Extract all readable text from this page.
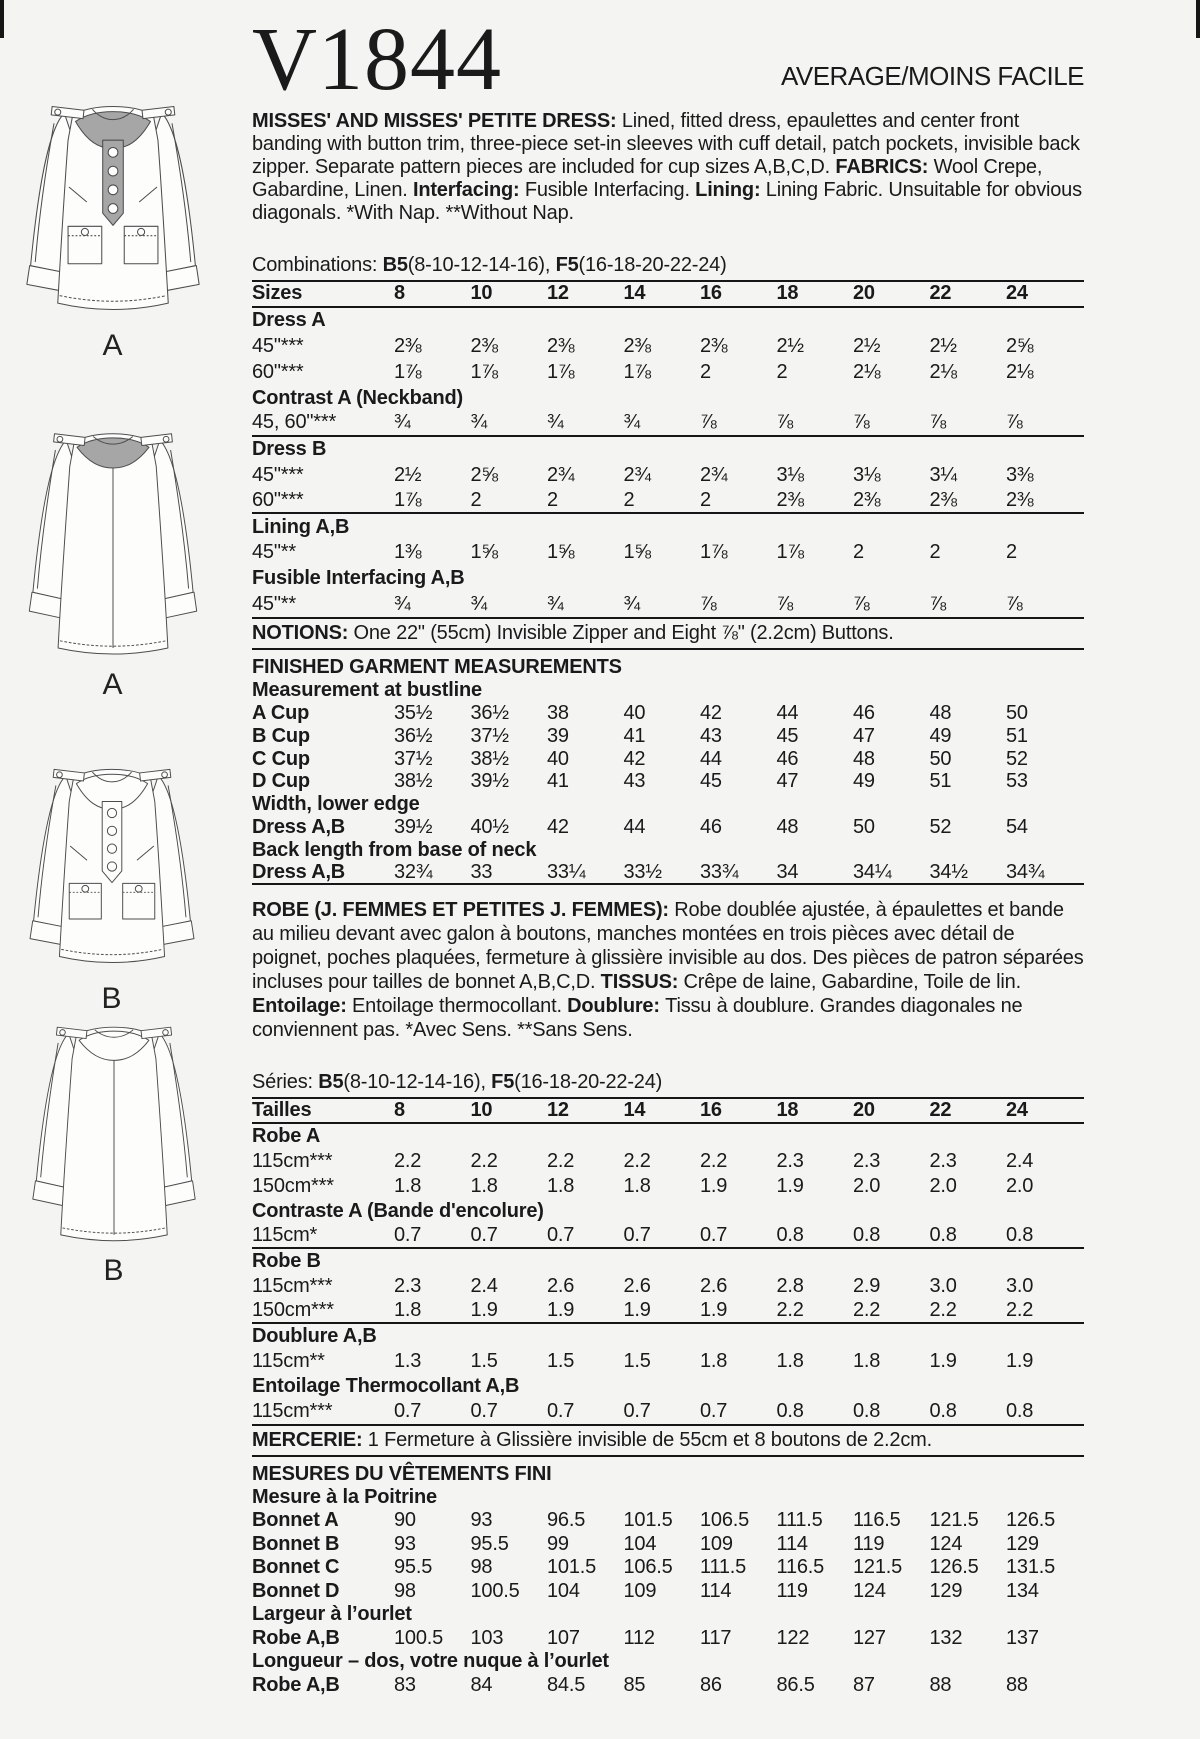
A
A
B
B
V1844	AVERAGE/MOINS FACILE

MISSES' AND MISSES' PETITE DRESS: Lined, fitted dress, epaulettes and center front banding with button trim, three-piece set-in sleeves with cuff detail, patch pockets, invisible back zipper. Separate pattern pieces are included for cup sizes A,B,C,D. FABRICS: Wool Crepe, Gabardine, Linen. Interfacing: Fusible Interfacing. Lining: Lining Fabric. Unsuitable for obvious diagonals. *With Nap. **Without Nap.

Combinations: B5(8-10-12-14-16), F5(16-18-20-22-24)
Sizes	8	10	12	14	16	18	20	22	24
Dress A
45"***	2⅜	2⅜	2⅜	2⅜	2⅜	2½	2½	2½	2⅝
60"***	1⅞	1⅞	1⅞	1⅞	2	2	2⅛	2⅛	2⅛
Contrast A (Neckband)
45, 60"***	¾	¾	¾	¾	⅞	⅞	⅞	⅞	⅞
Dress B
45"***	2½	2⅝	2¾	2¾	2¾	3⅛	3⅛	3¼	3⅜
60"***	1⅞	2	2	2	2	2⅜	2⅜	2⅜	2⅜
Lining A,B
45"**	1⅜	1⅝	1⅝	1⅝	1⅞	1⅞	2	2	2
Fusible Interfacing A,B
45"**	¾	¾	¾	¾	⅞	⅞	⅞	⅞	⅞
NOTIONS: One 22" (55cm) Invisible Zipper and Eight ⅞" (2.2cm) Buttons.
FINISHED GARMENT MEASUREMENTS
Measurement at bustline
A Cup	35½	36½	38	40	42	44	46	48	50
B Cup	36½	37½	39	41	43	45	47	49	51
C Cup	37½	38½	40	42	44	46	48	50	52
D Cup	38½	39½	41	43	45	47	49	51	53
Width, lower edge
Dress A,B	39½	40½	42	44	46	48	50	52	54
Back length from base of neck
Dress A,B	32¾	33	33¼	33½	33¾	34	34¼	34½	34¾

ROBE (J. FEMMES ET PETITES J. FEMMES): Robe doublée ajustée, à épaulettes et bande au milieu devant avec galon à boutons, manches montées en trois pièces avec détail de poignet, poches plaquées, fermeture à glissière invisible au dos. Des pièces de patron séparées incluses pour tailles de bonnet A,B,C,D. TISSUS: Crêpe de laine, Gabardine, Toile de lin. Entoilage: Entoilage thermocollant. Doublure: Tissu à doublure. Grandes diagonales ne conviennent pas. *Avec Sens. **Sans Sens.

Séries: B5(8-10-12-14-16), F5(16-18-20-22-24)
Tailles	8	10	12	14	16	18	20	22	24
Robe A
115cm***	2.2	2.2	2.2	2.2	2.2	2.3	2.3	2.3	2.4
150cm***	1.8	1.8	1.8	1.8	1.9	1.9	2.0	2.0	2.0
Contraste A (Bande d'encolure)
115cm*	0.7	0.7	0.7	0.7	0.7	0.8	0.8	0.8	0.8
Robe B
115cm***	2.3	2.4	2.6	2.6	2.6	2.8	2.9	3.0	3.0
150cm***	1.8	1.9	1.9	1.9	1.9	2.2	2.2	2.2	2.2
Doublure A,B
115cm**	1.3	1.5	1.5	1.5	1.8	1.8	1.8	1.9	1.9
Entoilage Thermocollant A,B
115cm***	0.7	0.7	0.7	0.7	0.7	0.8	0.8	0.8	0.8
MERCERIE: 1 Fermeture à Glissière invisible de 55cm et 8 boutons de 2.2cm.
MESURES DU VÊTEMENTS FINI
Mesure à la Poitrine
Bonnet A	90	93	96.5	101.5	106.5	111.5	116.5	121.5	126.5
Bonnet B	93	95.5	99	104	109	114	119	124	129
Bonnet C	95.5	98	101.5	106.5	111.5	116.5	121.5	126.5	131.5
Bonnet D	98	100.5	104	109	114	119	124	129	134
Largeur à l’ourlet
Robe A,B	100.5	103	107	112	117	122	127	132	137
Longueur – dos, votre nuque à l’ourlet
Robe A,B	83	84	84.5	85	86	86.5	87	88	88
